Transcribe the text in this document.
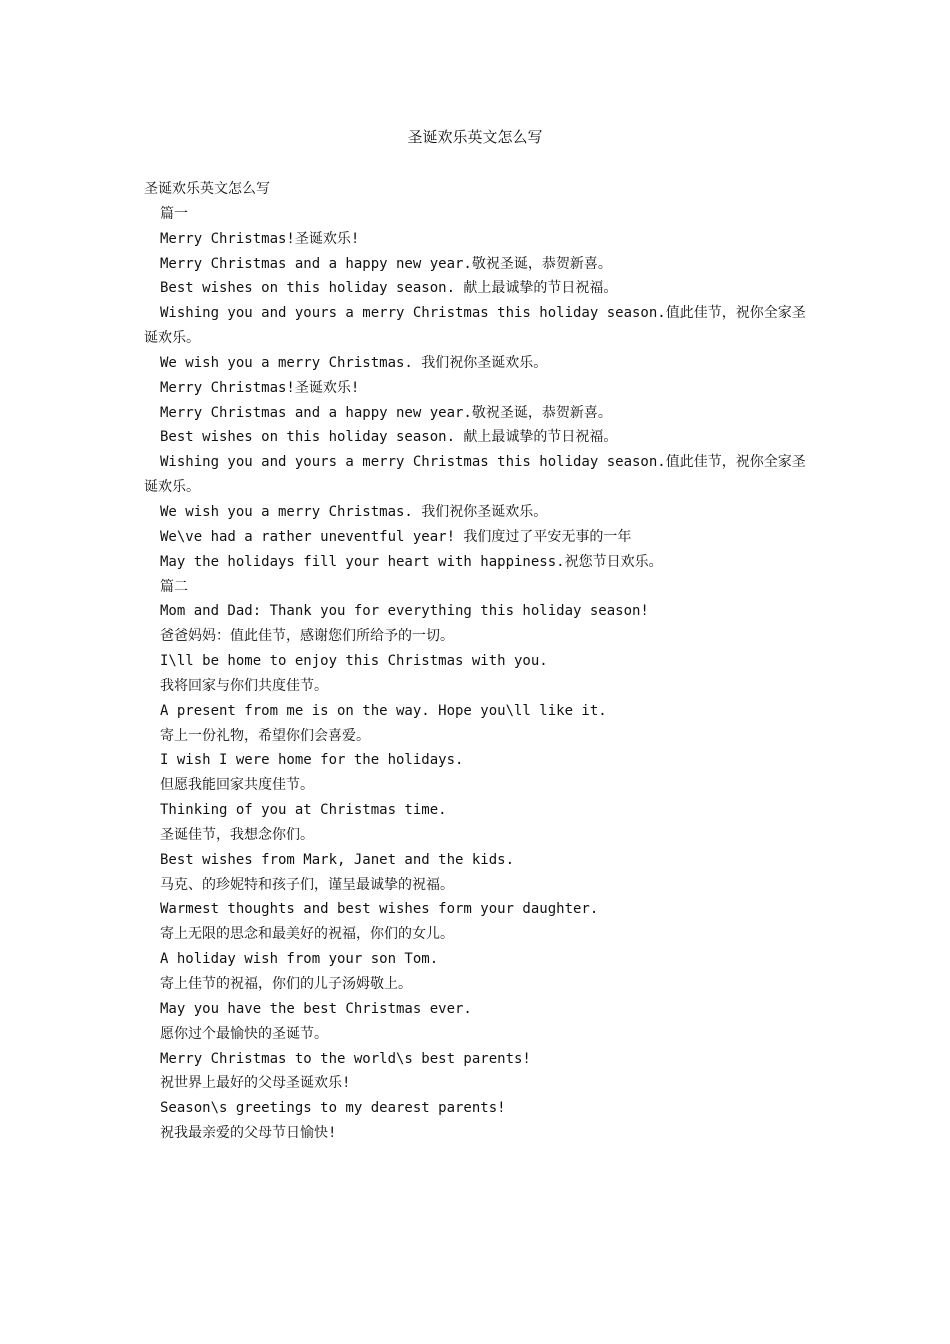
圣诞欢乐英文怎么写

圣诞欢乐英文怎么写

篇一

Merry Christmas!圣诞欢乐!

Merry Christmas and a happy new year.敬祝圣诞，恭贺新喜。

Best wishes on this holiday season. 献上最诚挚的节日祝福。

Wishing you and yours a merry Christmas this holiday season.值此佳节，祝你全家圣诞欢乐。

We wish you a merry Christmas. 我们祝你圣诞欢乐。

Merry Christmas!圣诞欢乐!

Merry Christmas and a happy new year.敬祝圣诞，恭贺新喜。

Best wishes on this holiday season. 献上最诚挚的节日祝福。

Wishing you and yours a merry Christmas this holiday season.值此佳节，祝你全家圣诞欢乐。

We wish you a merry Christmas. 我们祝你圣诞欢乐。

We\ve had a rather uneventful year! 我们度过了平安无事的一年

May the holidays fill your heart with happiness.祝您节日欢乐。

篇二

Mom and Dad: Thank you for everything this holiday season!

爸爸妈妈：值此佳节，感谢您们所给予的一切。

I\ll be home to enjoy this Christmas with you.

我将回家与你们共度佳节。

A present from me is on the way. Hope you\ll like it.

寄上一份礼物，希望你们会喜爱。

I wish I were home for the holidays.

但愿我能回家共度佳节。

Thinking of you at Christmas time.

圣诞佳节，我想念你们。

Best wishes from Mark, Janet and the kids.

马克、的珍妮特和孩子们，谨呈最诚挚的祝福。

Warmest thoughts and best wishes form your daughter.

寄上无限的思念和最美好的祝福，你们的女儿。

A holiday wish from your son Tom.

寄上佳节的祝福，你们的儿子汤姆敬上。

May you have the best Christmas ever.

愿你过个最愉快的圣诞节。

Merry Christmas to the world\s best parents!

祝世界上最好的父母圣诞欢乐!

Season\s greetings to my dearest parents!

祝我最亲爱的父母节日愉快!
